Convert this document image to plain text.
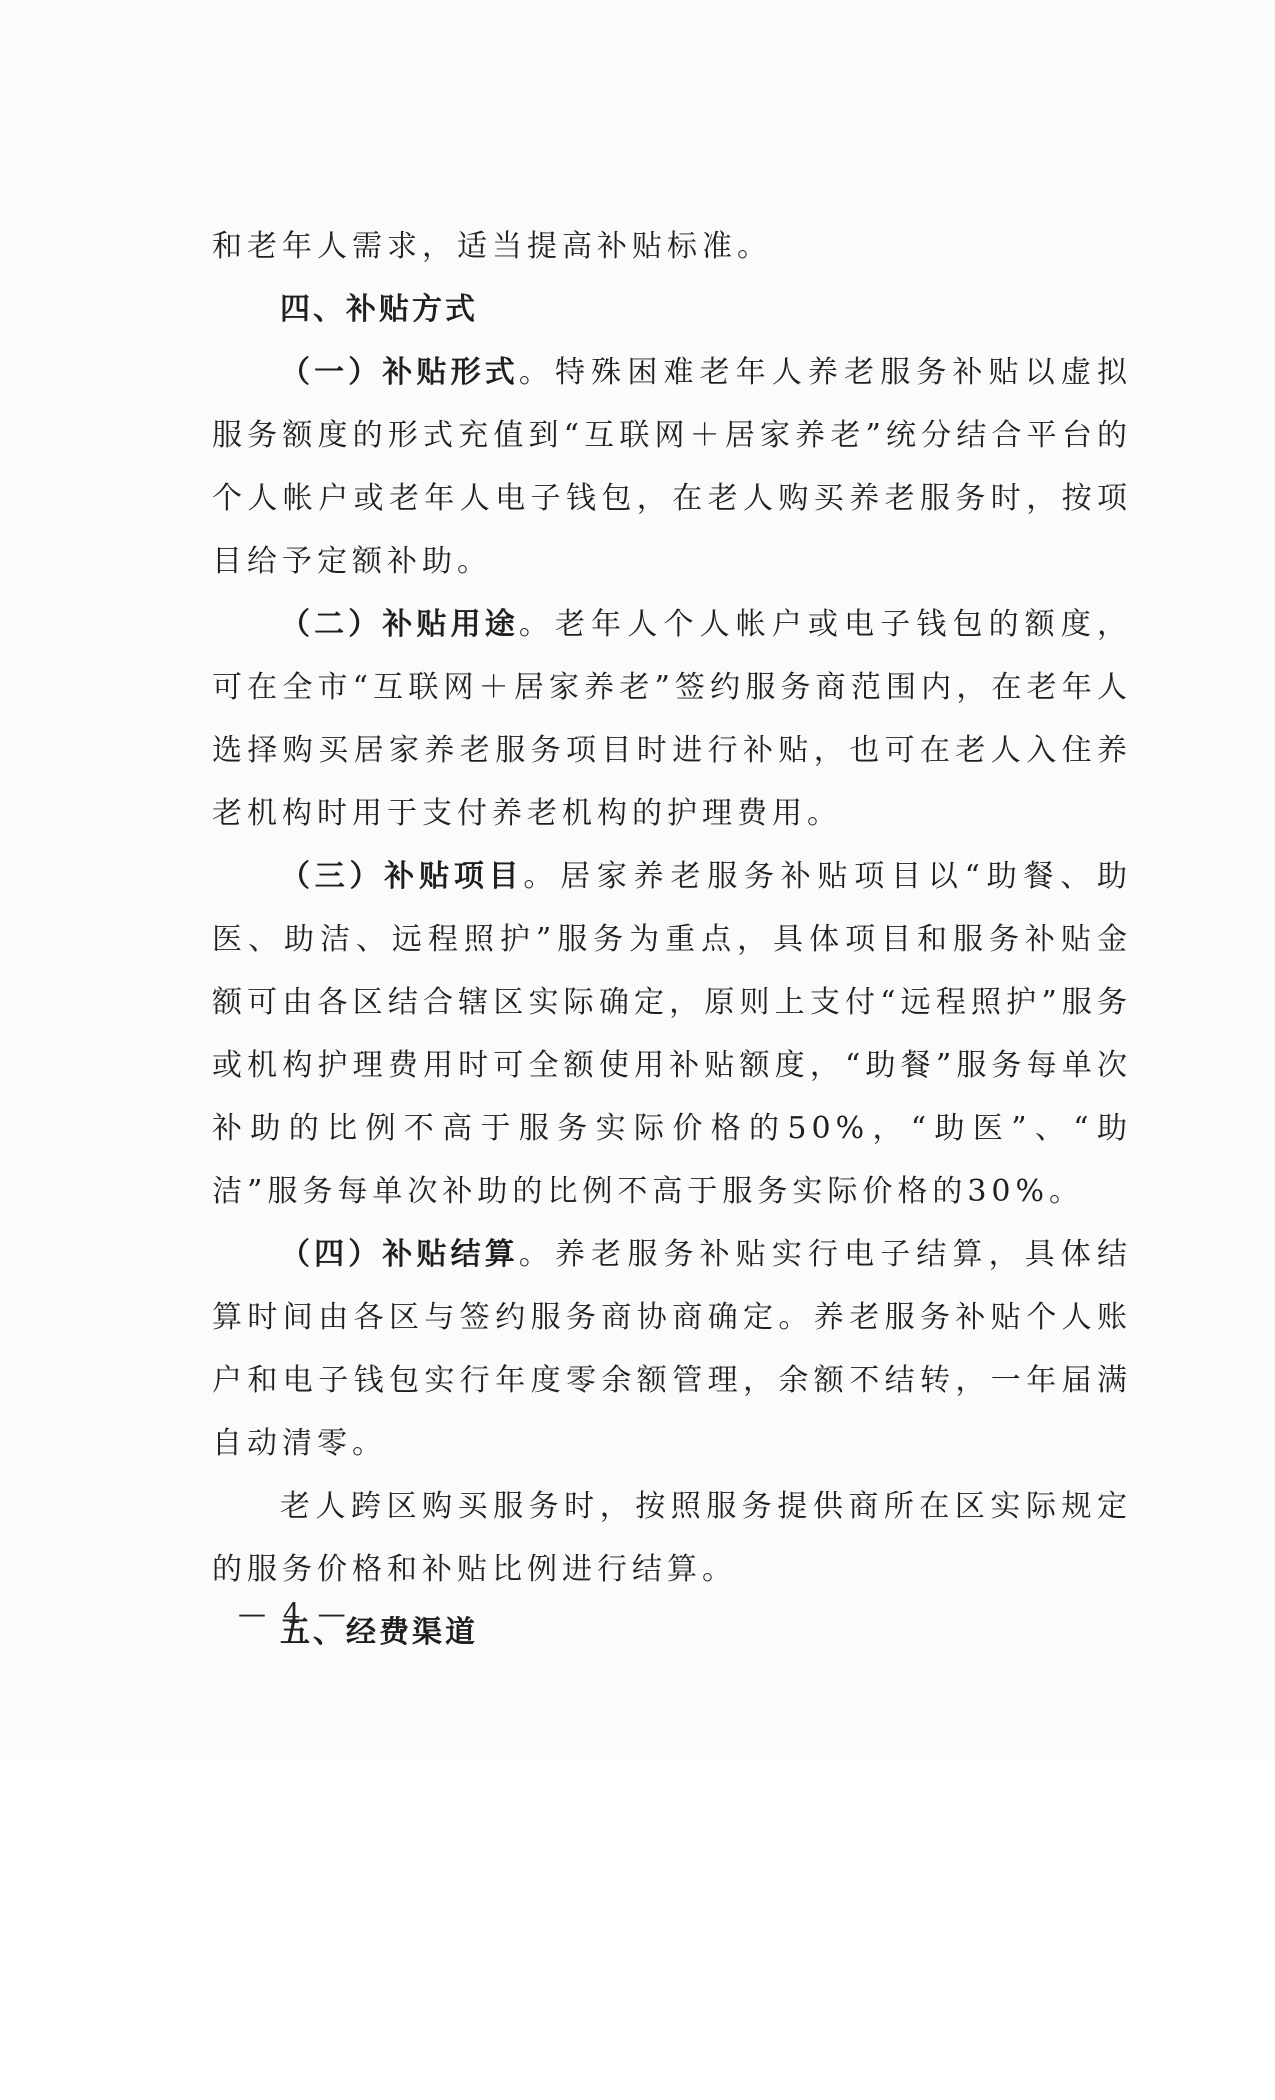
和老年人需求，适当提高补贴标准。

四、补贴方式

（一）补贴形式。特殊困难老年人养老服务补贴以虚拟服务额度的形式充值到“互联网＋居家养老”统分结合平台的个人帐户或老年人电子钱包，在老人购买养老服务时，按项目给予定额补助。

（二）补贴用途。老年人个人帐户或电子钱包的额度，可在全市“互联网＋居家养老”签约服务商范围内，在老年人选择购买居家养老服务项目时进行补贴，也可在老人入住养老机构时用于支付养老机构的护理费用。

（三）补贴项目。居家养老服务补贴项目以“助餐、助医、助洁、远程照护”服务为重点，具体项目和服务补贴金额可由各区结合辖区实际确定，原则上支付“远程照护”服务或机构护理费用时可全额使用补贴额度，“助餐”服务每单次补助的比例不高于服务实际价格的50%，“助医”、“助洁”服务每单次补助的比例不高于服务实际价格的30%。

（四）补贴结算。养老服务补贴实行电子结算，具体结算时间由各区与签约服务商协商确定。养老服务补贴个人账户和电子钱包实行年度零余额管理，余额不结转，一年届满自动清零。

老人跨区购买服务时，按照服务提供商所在区实际规定的服务价格和补贴比例进行结算。

五、经费渠道

— 4 —
